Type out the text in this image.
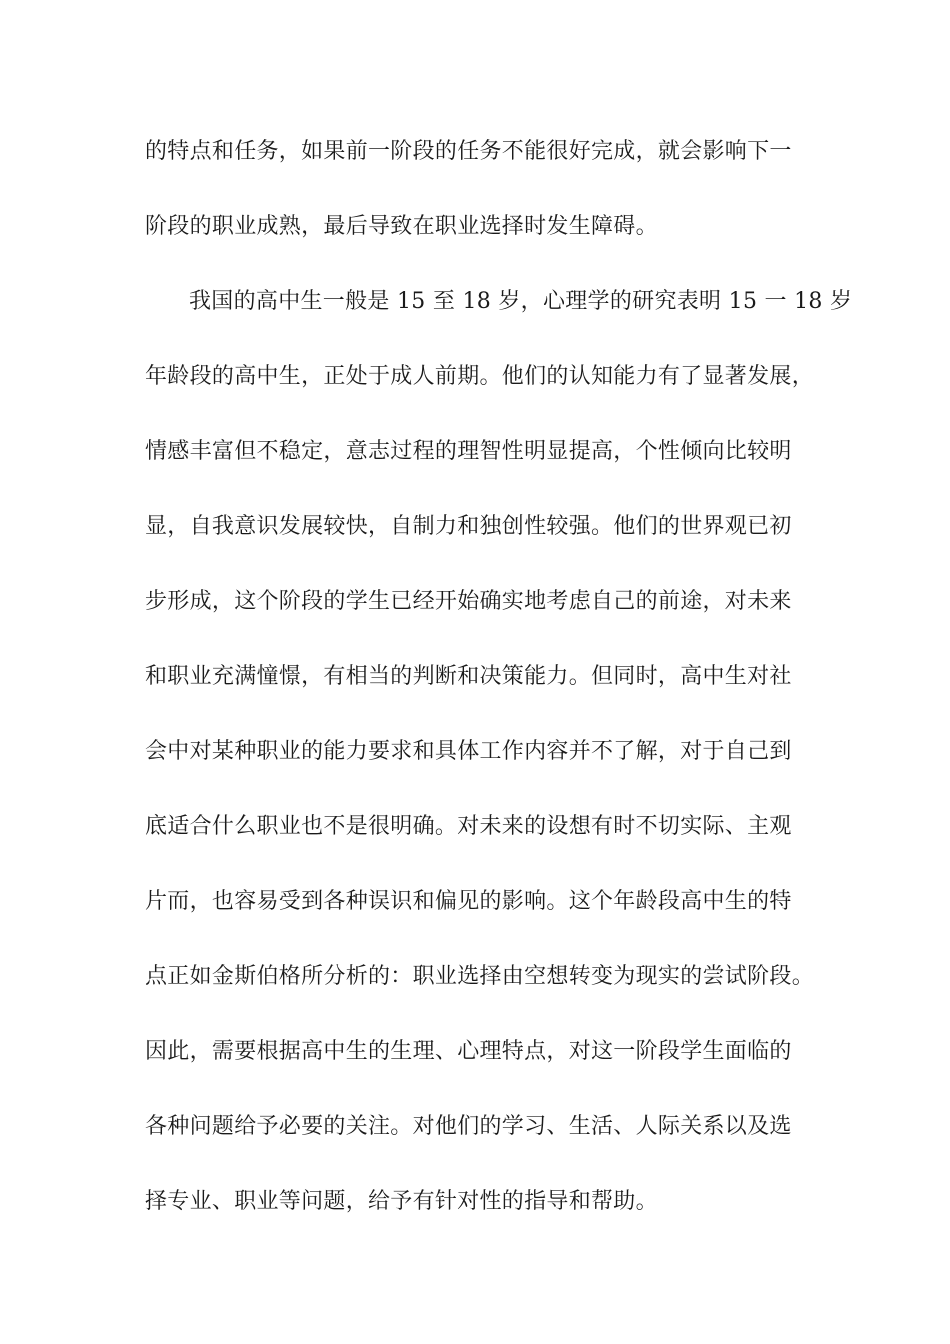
的特点和任务，如果前一阶段的任务不能很好完成，就会影响下一
阶段的职业成熟，最后导致在职业选择时发生障碍。
我国的高中生一般是 15 至 18 岁，心理学的研究表明 15 一 18 岁
年龄段的高中生，正处于成人前期。他们的认知能力有了显著发展，
情感丰富但不稳定，意志过程的理智性明显提高，个性倾向比较明
显，自我意识发展较快，自制力和独创性较强。他们的世界观已初
步形成，这个阶段的学生已经开始确实地考虑自己的前途，对未来
和职业充满憧憬，有相当的判断和决策能力。但同时，高中生对社
会中对某种职业的能力要求和具体工作内容并不了解，对于自己到
底适合什么职业也不是很明确。对未来的设想有时不切实际、主观
片而，也容易受到各种误识和偏见的影响。这个年龄段高中生的特
点正如金斯伯格所分析的：职业选择由空想转变为现实的尝试阶段。
因此，需要根据高中生的生理、心理特点，对这一阶段学生面临的
各种问题给予必要的关注。对他们的学习、生活、人际关系以及选
择专业、职业等问题，给予有针对性的指导和帮助。
